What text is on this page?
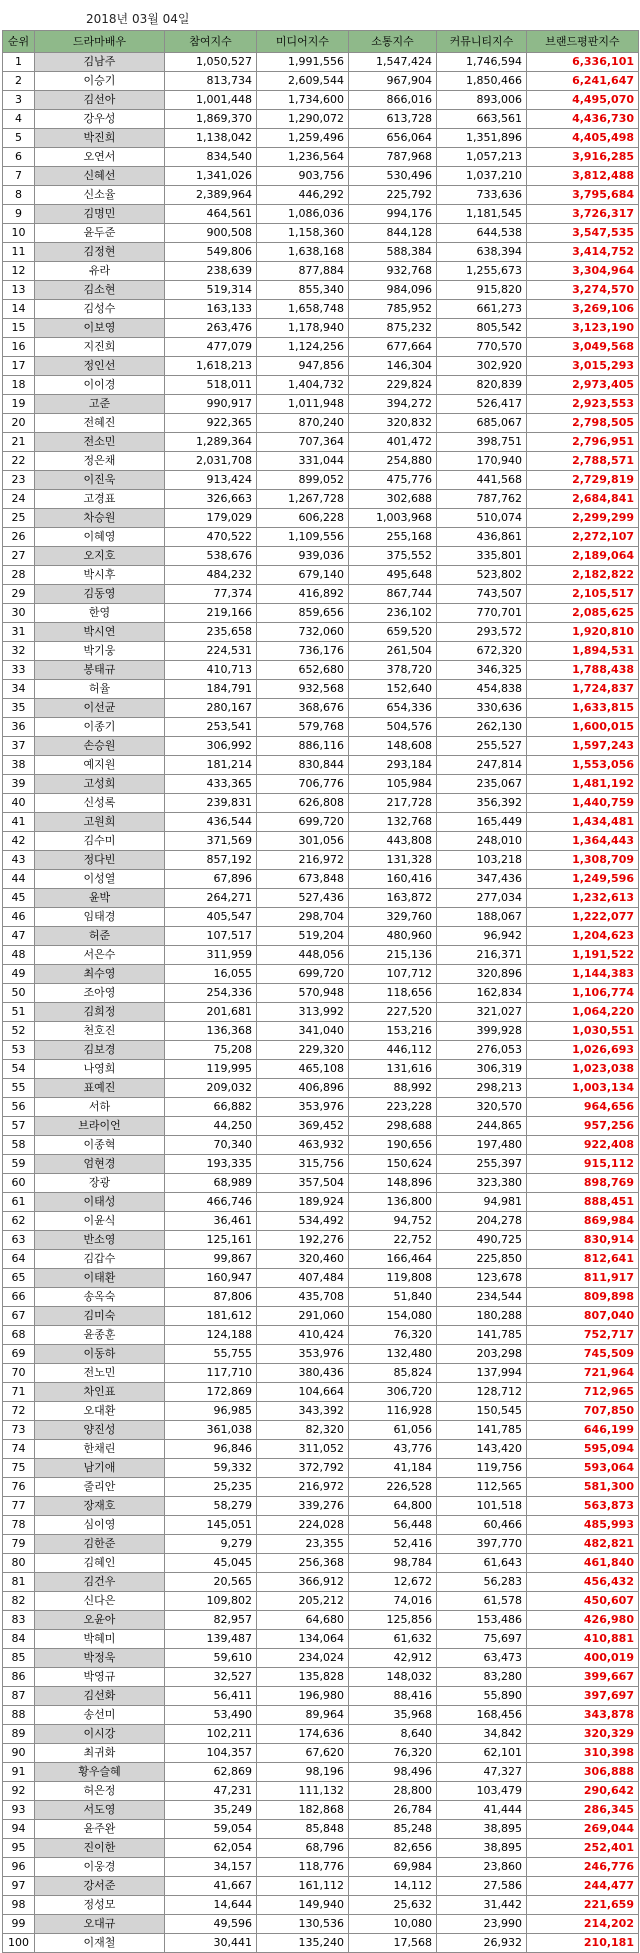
2018년 03월 04일
순위	드라마배우	참여지수	미디어지수	소통지수	커뮤니티지수	브랜드평판지수
1	김남주	1,050,527	1,991,556	1,547,424	1,746,594	6,336,101
2	이승기	813,734	2,609,544	967,904	1,850,466	6,241,647
3	김선아	1,001,448	1,734,600	866,016	893,006	4,495,070
4	강우성	1,869,370	1,290,072	613,728	663,561	4,436,730
5	박진희	1,138,042	1,259,496	656,064	1,351,896	4,405,498
6	오연서	834,540	1,236,564	787,968	1,057,213	3,916,285
7	신혜선	1,341,026	903,756	530,496	1,037,210	3,812,488
8	신소율	2,389,964	446,292	225,792	733,636	3,795,684
9	김명민	464,561	1,086,036	994,176	1,181,545	3,726,317
10	윤두준	900,508	1,158,360	844,128	644,538	3,547,535
11	김정현	549,806	1,638,168	588,384	638,394	3,414,752
12	유라	238,639	877,884	932,768	1,255,673	3,304,964
13	김소현	519,314	855,340	984,096	915,820	3,274,570
14	김성수	163,133	1,658,748	785,952	661,273	3,269,106
15	이보영	263,476	1,178,940	875,232	805,542	3,123,190
16	지진희	477,079	1,124,256	677,664	770,570	3,049,568
17	정인선	1,618,213	947,856	146,304	302,920	3,015,293
18	이이경	518,011	1,404,732	229,824	820,839	2,973,405
19	고준	990,917	1,011,948	394,272	526,417	2,923,553
20	전혜진	922,365	870,240	320,832	685,067	2,798,505
21	전소민	1,289,364	707,364	401,472	398,751	2,796,951
22	정은채	2,031,708	331,044	254,880	170,940	2,788,571
23	이진욱	913,424	899,052	475,776	441,568	2,729,819
24	고경표	326,663	1,267,728	302,688	787,762	2,684,841
25	차승원	179,029	606,228	1,003,968	510,074	2,299,299
26	이혜영	470,522	1,109,556	255,168	436,861	2,272,107
27	오지호	538,676	939,036	375,552	335,801	2,189,064
28	박시후	484,232	679,140	495,648	523,802	2,182,822
29	김동영	77,374	416,892	867,744	743,507	2,105,517
30	한영	219,166	859,656	236,102	770,701	2,085,625
31	박시연	235,658	732,060	659,520	293,572	1,920,810
32	박기웅	224,531	736,176	261,504	672,320	1,894,531
33	봉태규	410,713	652,680	378,720	346,325	1,788,438
34	허율	184,791	932,568	152,640	454,838	1,724,837
35	이선균	280,167	368,676	654,336	330,636	1,633,815
36	이종기	253,541	579,768	504,576	262,130	1,600,015
37	손승원	306,992	886,116	148,608	255,527	1,597,243
38	예지원	181,214	830,844	293,184	247,814	1,553,056
39	고성희	433,365	706,776	105,984	235,067	1,481,192
40	신성록	239,831	626,808	217,728	356,392	1,440,759
41	고원희	436,544	699,720	132,768	165,449	1,434,481
42	김수미	371,569	301,056	443,808	248,010	1,364,443
43	정다빈	857,192	216,972	131,328	103,218	1,308,709
44	이성열	67,896	673,848	160,416	347,436	1,249,596
45	윤박	264,271	527,436	163,872	277,034	1,232,613
46	임태경	405,547	298,704	329,760	188,067	1,222,077
47	허준	107,517	519,204	480,960	96,942	1,204,623
48	서은수	311,959	448,056	215,136	216,371	1,191,522
49	최수영	16,055	699,720	107,712	320,896	1,144,383
50	조아영	254,336	570,948	118,656	162,834	1,106,774
51	김희정	201,681	313,992	227,520	321,027	1,064,220
52	천호진	136,368	341,040	153,216	399,928	1,030,551
53	김보경	75,208	229,320	446,112	276,053	1,026,693
54	나영희	119,995	465,108	131,616	306,319	1,023,038
55	표예진	209,032	406,896	88,992	298,213	1,003,134
56	서하	66,882	353,976	223,228	320,570	964,656
57	브라이언	44,250	369,452	298,688	244,865	957,256
58	이종혁	70,340	463,932	190,656	197,480	922,408
59	엄현경	193,335	315,756	150,624	255,397	915,112
60	장광	68,989	357,504	148,896	323,380	898,769
61	이태성	466,746	189,924	136,800	94,981	888,451
62	이윤식	36,461	534,492	94,752	204,278	869,984
63	반소영	125,161	192,276	22,752	490,725	830,914
64	김갑수	99,867	320,460	166,464	225,850	812,641
65	이태환	160,947	407,484	119,808	123,678	811,917
66	송옥숙	87,806	435,708	51,840	234,544	809,898
67	김미숙	181,612	291,060	154,080	180,288	807,040
68	윤종훈	124,188	410,424	76,320	141,785	752,717
69	이동하	55,755	353,976	132,480	203,298	745,509
70	전노민	117,710	380,436	85,824	137,994	721,964
71	차인표	172,869	104,664	306,720	128,712	712,965
72	오대환	96,985	343,392	116,928	150,545	707,850
73	양진성	361,038	82,320	61,056	141,785	646,199
74	한채린	96,846	311,052	43,776	143,420	595,094
75	남기애	59,332	372,792	41,184	119,756	593,064
76	줄리안	25,235	216,972	226,528	112,565	581,300
77	장재호	58,279	339,276	64,800	101,518	563,873
78	심이영	145,051	224,028	56,448	60,466	485,993
79	김한준	9,279	23,355	52,416	397,770	482,821
80	김혜인	45,045	256,368	98,784	61,643	461,840
81	김건우	20,565	366,912	12,672	56,283	456,432
82	신다은	109,802	205,212	74,016	61,578	450,607
83	오윤아	82,957	64,680	125,856	153,486	426,980
84	박혜미	139,487	134,064	61,632	75,697	410,881
85	박정욱	59,610	234,024	42,912	63,473	400,019
86	박영규	32,527	135,828	148,032	83,280	399,667
87	김선화	56,411	196,980	88,416	55,890	397,697
88	송선미	53,490	89,964	35,968	168,456	343,878
89	이시강	102,211	174,636	8,640	34,842	320,329
90	최귀화	104,357	67,620	76,320	62,101	310,398
91	황우슬혜	62,869	98,196	98,496	47,327	306,888
92	허은정	47,231	111,132	28,800	103,479	290,642
93	서도영	35,249	182,868	26,784	41,444	286,345
94	윤주완	59,054	85,848	85,248	38,895	269,044
95	진이한	62,054	68,796	82,656	38,895	252,401
96	이웅경	34,157	118,776	69,984	23,860	246,776
97	강서준	41,667	161,112	14,112	27,586	244,477
98	정성모	14,644	149,940	25,632	31,442	221,659
99	오대규	49,596	130,536	10,080	23,990	214,202
100	이재철	30,441	135,240	17,568	26,932	210,181
